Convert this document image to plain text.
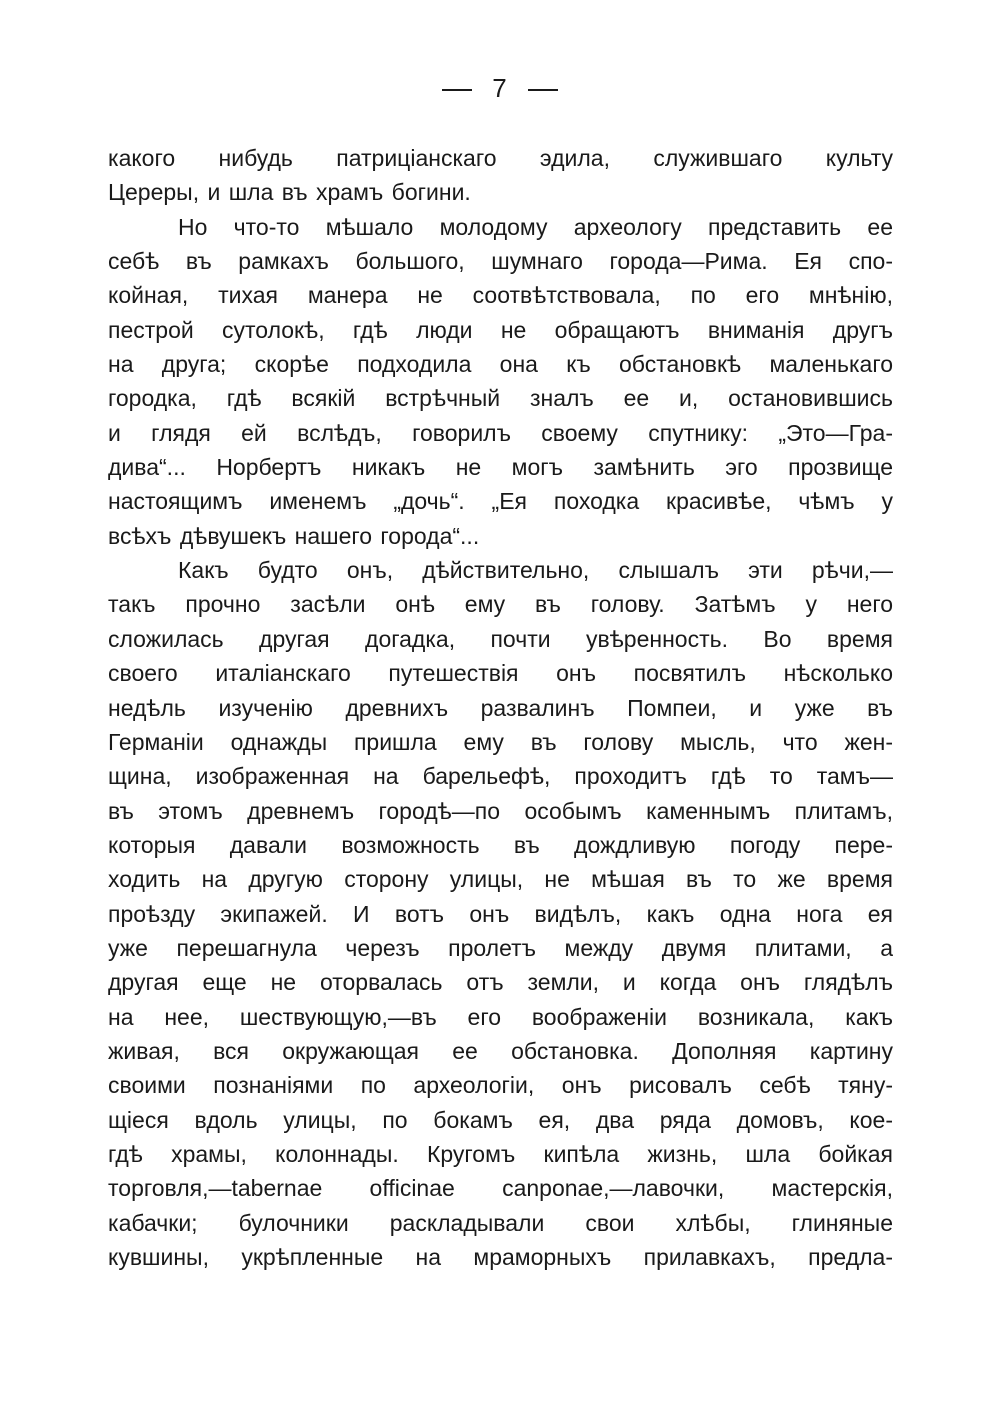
7
какого нибудь патриціанскаго эдила, служившаго культу
Цереры, и шла въ храмъ богини.
Но что-то мѣшало молодому археологу представить ее
себѣ въ рамкахъ большого, шумнаго города—Рима. Ея спо-
койная, тихая манера не соотвѣтствовала, по его мнѣнію,
пестрой сутолокѣ, гдѣ люди не обращаютъ вниманія другъ
на друга; скорѣе подходила она къ обстановкѣ маленькаго
городка, гдѣ всякій встрѣчный зналъ ее и, остановившись
и глядя ей вслѣдъ, говорилъ своему спутнику: „Это—Гра-
дива“... Норбертъ никакъ не могъ замѣнить эго прозвище
настоящимъ именемъ „дочь“. „Ея походка красивѣе, чѣмъ у
всѣхъ дѣвушекъ нашего города“...
Какъ будто онъ, дѣйствительно, слышалъ эти рѣчи,—
такъ прочно засѣли онѣ ему въ голову. Затѣмъ у него
сложилась другая догадка, почти увѣренность. Во время
своего италіанскаго путешествія онъ посвятилъ нѣсколько
недѣль изученію древнихъ развалинъ Помпеи, и уже въ
Германіи однажды пришла ему въ голову мысль, что жен-
щина, изображенная на барельефѣ, проходитъ гдѣ то тамъ—
въ этомъ древнемъ городѣ—по особымъ каменнымъ плитамъ,
которыя давали возможность въ дождливую погоду пере-
ходить на другую сторону улицы, не мѣшая въ то же время
проѣзду экипажей. И вотъ онъ видѣлъ, какъ одна нога ея
уже перешагнула черезъ пролетъ между двумя плитами, а
другая еще не оторвалась отъ земли, и когда онъ глядѣлъ
на нее, шествующую,—въ его воображеніи возникала, какъ
живая, вся окружающая ее обстановка. Дополняя картину
своими познаніями по археологіи, онъ рисовалъ себѣ тяну-
щіеся вдоль улицы, по бокамъ ея, два ряда домовъ, кое-
гдѣ храмы, колоннады. Кругомъ кипѣла жизнь, шла бойкая
торговля,—tabernae officinae canponae,—лавочки, мастерскія,
кабачки; булочники раскладывали свои хлѣбы, глиняные
кувшины, укрѣпленные на мраморныхъ прилавкахъ, предла-
